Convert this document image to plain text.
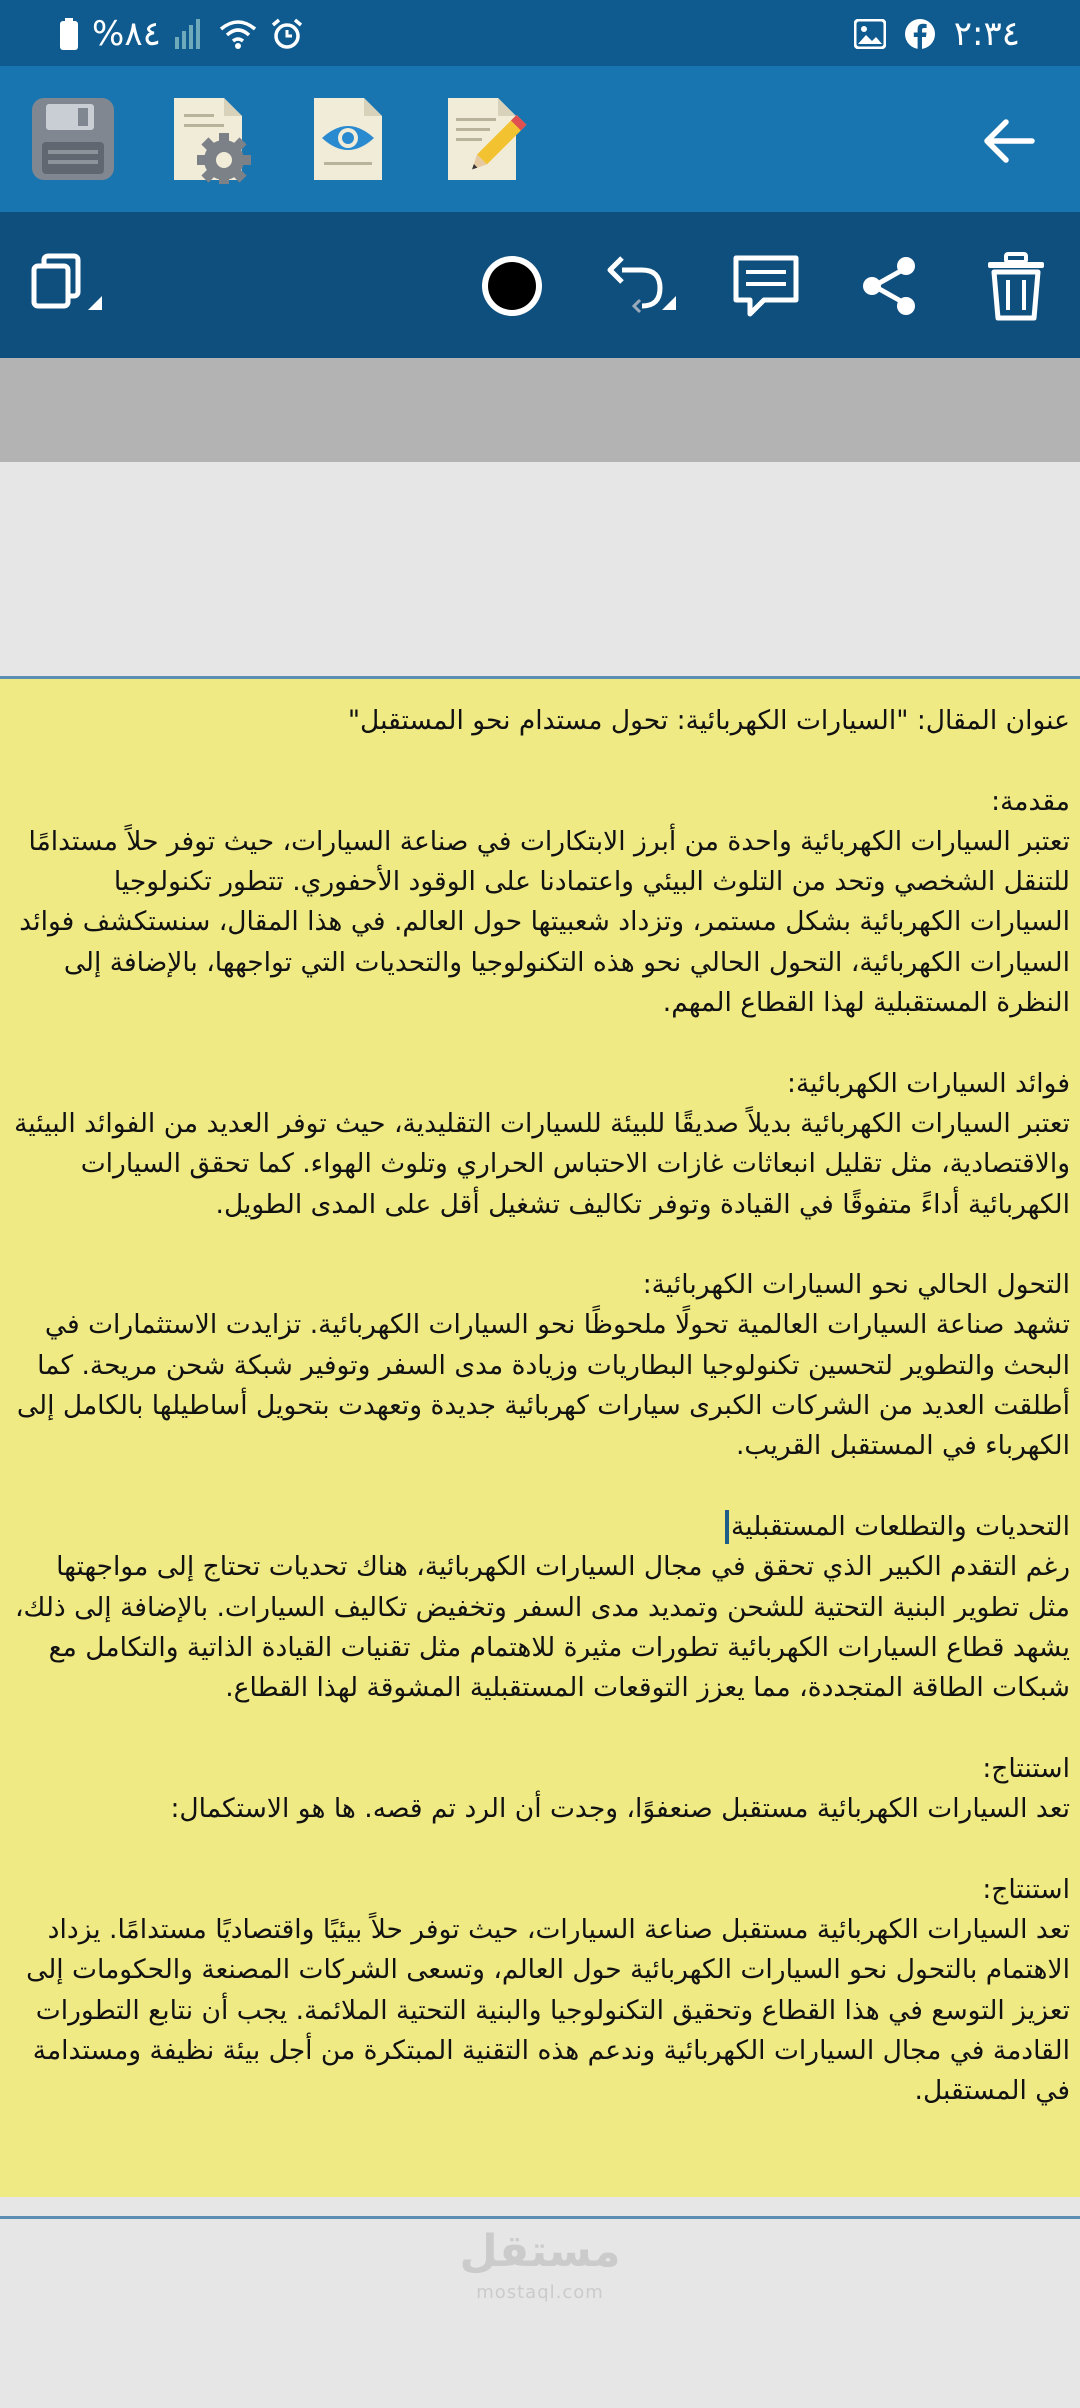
%٨٤	٢:٣٤

عنوان المقال: "السيارات الكهربائية: تحول مستدام نحو المستقبل"

مقدمة:
تعتبر السيارات الكهربائية واحدة من أبرز الابتكارات في صناعة السيارات، حيث توفر حلاً مستدامًا للتنقل الشخصي وتحد من التلوث البيئي واعتمادنا على الوقود الأحفوري. تتطور تكنولوجيا السيارات الكهربائية بشكل مستمر، وتزداد شعبيتها حول العالم. في هذا المقال، سنستكشف فوائد السيارات الكهربائية، التحول الحالي نحو هذه التكنولوجيا والتحديات التي تواجهها، بالإضافة إلى النظرة المستقبلية لهذا القطاع المهم.

فوائد السيارات الكهربائية:
تعتبر السيارات الكهربائية بديلاً صديقًا للبيئة للسيارات التقليدية، حيث توفر العديد من الفوائد البيئية والاقتصادية، مثل تقليل انبعاثات غازات الاحتباس الحراري وتلوث الهواء. كما تحقق السيارات الكهربائية أداءً متفوقًا في القيادة وتوفر تكاليف تشغيل أقل على المدى الطويل.

التحول الحالي نحو السيارات الكهربائية:
تشهد صناعة السيارات العالمية تحولًا ملحوظًا نحو السيارات الكهربائية. تزايدت الاستثمارات في البحث والتطوير لتحسين تكنولوجيا البطاريات وزيادة مدى السفر وتوفير شبكة شحن مريحة. كما أطلقت العديد من الشركات الكبرى سيارات كهربائية جديدة وتعهدت بتحويل أساطيلها بالكامل إلى الكهرباء في المستقبل القريب.

التحديات والتطلعات المستقبلية
رغم التقدم الكبير الذي تحقق في مجال السيارات الكهربائية، هناك تحديات تحتاج إلى مواجهتها مثل تطوير البنية التحتية للشحن وتمديد مدى السفر وتخفيض تكاليف السيارات. بالإضافة إلى ذلك، يشهد قطاع السيارات الكهربائية تطورات مثيرة للاهتمام مثل تقنيات القيادة الذاتية والتكامل مع شبكات الطاقة المتجددة، مما يعزز التوقعات المستقبلية المشوقة لهذا القطاع.

استنتاج:
تعد السيارات الكهربائية مستقبل صنعفوًا، وجدت أن الرد تم قصه. ها هو الاستكمال:

استنتاج:
تعد السيارات الكهربائية مستقبل صناعة السيارات، حيث توفر حلاً بيئيًا واقتصاديًا مستدامًا. يزداد الاهتمام بالتحول نحو السيارات الكهربائية حول العالم، وتسعى الشركات المصنعة والحكومات إلى تعزيز التوسع في هذا القطاع وتحقيق التكنولوجيا والبنية التحتية الملائمة. يجب أن نتابع التطورات القادمة في مجال السيارات الكهربائية وندعم هذه التقنية المبتكرة من أجل بيئة نظيفة ومستدامة في المستقبل.

مستقل
mostaql.com
